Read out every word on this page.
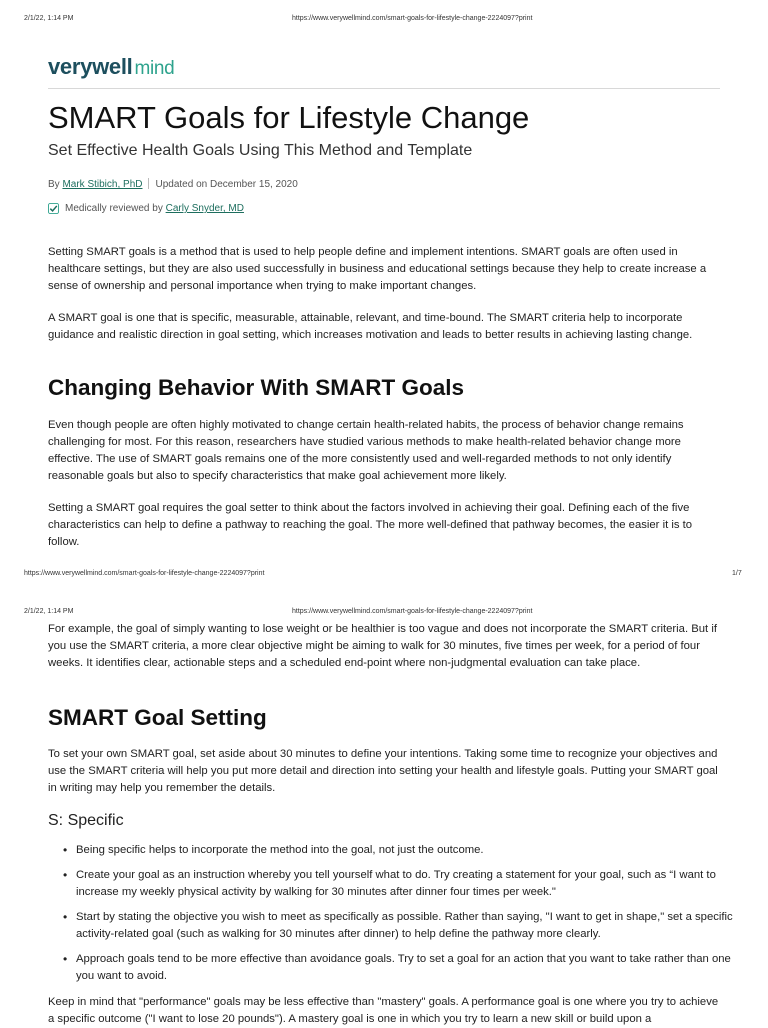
2/1/22, 1:14 PM	https://www.verywellmind.com/smart-goals-for-lifestyle-change-2224097?print
verywell mind
SMART Goals for Lifestyle Change
Set Effective Health Goals Using This Method and Template
By Mark Stibich, PhD Updated on December 15, 2020
Medically reviewed by Carly Snyder, MD

Setting SMART goals is a method that is used to help people define and implement intentions. SMART goals are often used in healthcare settings, but they are also used successfully in business and educational settings because they help to create increase a sense of ownership and personal importance when trying to make important changes.

A SMART goal is one that is specific, measurable, attainable, relevant, and time-bound. The SMART criteria help to incorporate guidance and realistic direction in goal setting, which increases motivation and leads to better results in achieving lasting change.

Changing Behavior With SMART Goals

Even though people are often highly motivated to change certain health-related habits, the process of behavior change remains challenging for most. For this reason, researchers have studied various methods to make health-related behavior change more effective. The use of SMART goals remains one of the more consistently used and well-regarded methods to not only identify reasonable goals but also to specify characteristics that make goal achievement more likely.

Setting a SMART goal requires the goal setter to think about the factors involved in achieving their goal. Defining each of the five characteristics can help to define a pathway to reaching the goal. The more well-defined that pathway becomes, the easier it is to follow.

https://www.verywellmind.com/smart-goals-for-lifestyle-change-2224097?print	1/7
2/1/22, 1:14 PM	https://www.verywellmind.com/smart-goals-for-lifestyle-change-2224097?print

For example, the goal of simply wanting to lose weight or be healthier is too vague and does not incorporate the SMART criteria. But if you use the SMART criteria, a more clear objective might be aiming to walk for 30 minutes, five times per week, for a period of four weeks. It identifies clear, actionable steps and a scheduled end-point where non-judgmental evaluation can take place.

SMART Goal Setting

To set your own SMART goal, set aside about 30 minutes to define your intentions. Taking some time to recognize your objectives and use the SMART criteria will help you put more detail and direction into setting your health and lifestyle goals. Putting your SMART goal in writing may help you remember the details.

S: Specific
• Being specific helps to incorporate the method into the goal, not just the outcome.
• Create your goal as an instruction whereby you tell yourself what to do. Try creating a statement for your goal, such as “I want to increase my weekly physical activity by walking for 30 minutes after dinner four times per week."
• Start by stating the objective you wish to meet as specifically as possible. Rather than saying, "I want to get in shape," set a specific activity-related goal (such as walking for 30 minutes after dinner) to help define the pathway more clearly.
• Approach goals tend to be more effective than avoidance goals. Try to set a goal for an action that you want to take rather than one you want to avoid.

Keep in mind that "performance" goals may be less effective than "mastery" goals. A performance goal is one where you try to achieve a specific outcome ("I want to lose 20 pounds"). A mastery goal is one in which you try to learn a new skill or build upon a
